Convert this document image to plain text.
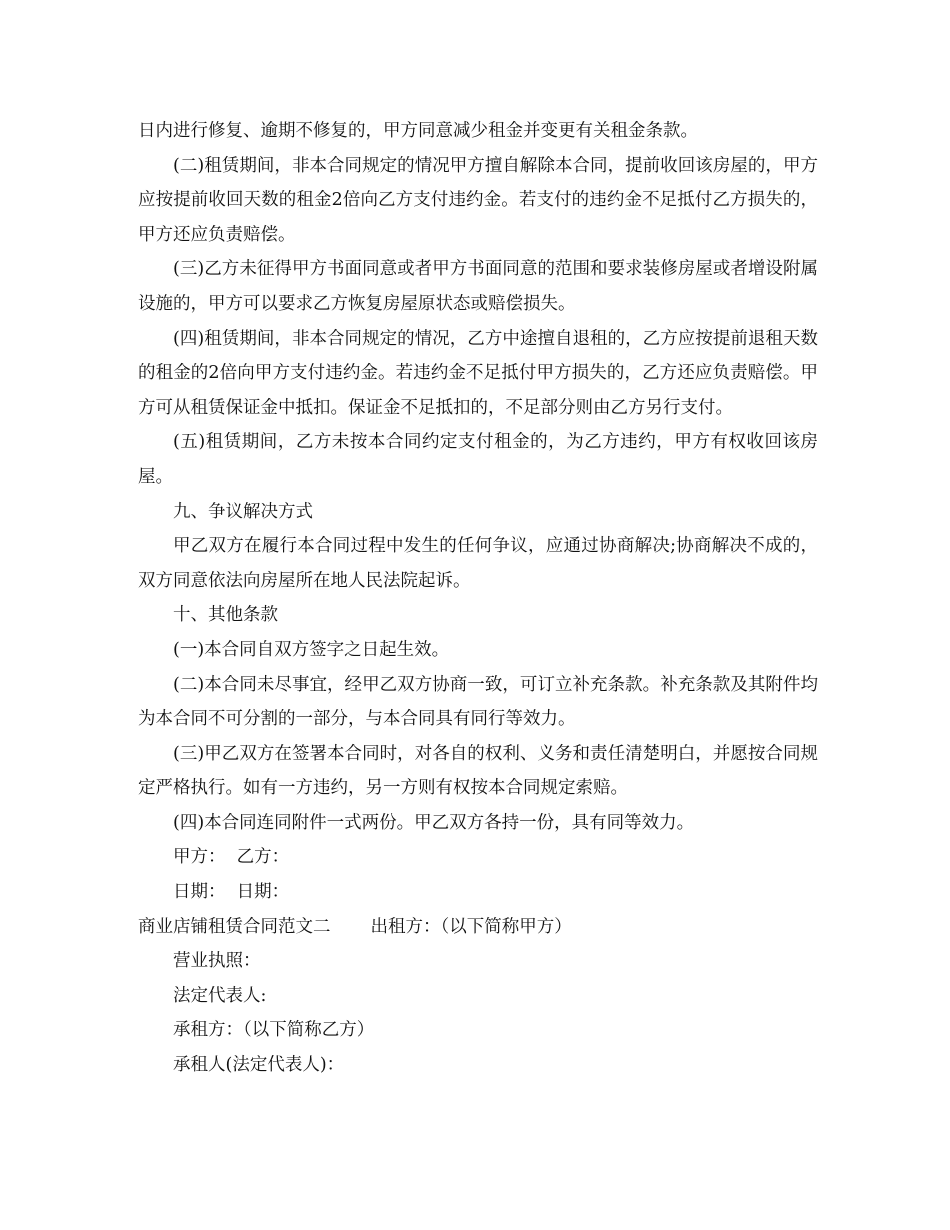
日内进行修复、逾期不修复的，甲方同意减少租金并变更有关租金条款。

(二)租赁期间，非本合同规定的情况甲方擅自解除本合同，提前收回该房屋的，甲方应按提前收回天数的租金2倍向乙方支付违约金。若支付的违约金不足抵付乙方损失的，甲方还应负责赔偿。

(三)乙方未征得甲方书面同意或者甲方书面同意的范围和要求装修房屋或者增设附属设施的，甲方可以要求乙方恢复房屋原状态或赔偿损失。

(四)租赁期间，非本合同规定的情况，乙方中途擅自退租的，乙方应按提前退租天数的租金的2倍向甲方支付违约金。若违约金不足抵付甲方损失的，乙方还应负责赔偿。甲方可从租赁保证金中抵扣。保证金不足抵扣的，不足部分则由乙方另行支付。

(五)租赁期间，乙方未按本合同约定支付租金的，为乙方违约，甲方有权收回该房屋。

九、争议解决方式

甲乙双方在履行本合同过程中发生的任何争议，应通过协商解决;协商解决不成的，双方同意依法向房屋所在地人民法院起诉。

十、其他条款

(一)本合同自双方签字之日起生效。

(二)本合同未尽事宜，经甲乙双方协商一致，可订立补充条款。补充条款及其附件均为本合同不可分割的一部分，与本合同具有同行等效力。

(三)甲乙双方在签署本合同时，对各自的权利、义务和责任清楚明白，并愿按合同规定严格执行。如有一方违约，另一方则有权按本合同规定索赔。

(四)本合同连同附件一式两份。甲乙双方各持一份，具有同等效力。

甲方：  乙方：

日期：  日期：

商业店铺租赁合同范文二 出租方：（以下简称甲方）

营业执照：

法定代表人:

承租方：（以下简称乙方）

承租人(法定代表人)：
